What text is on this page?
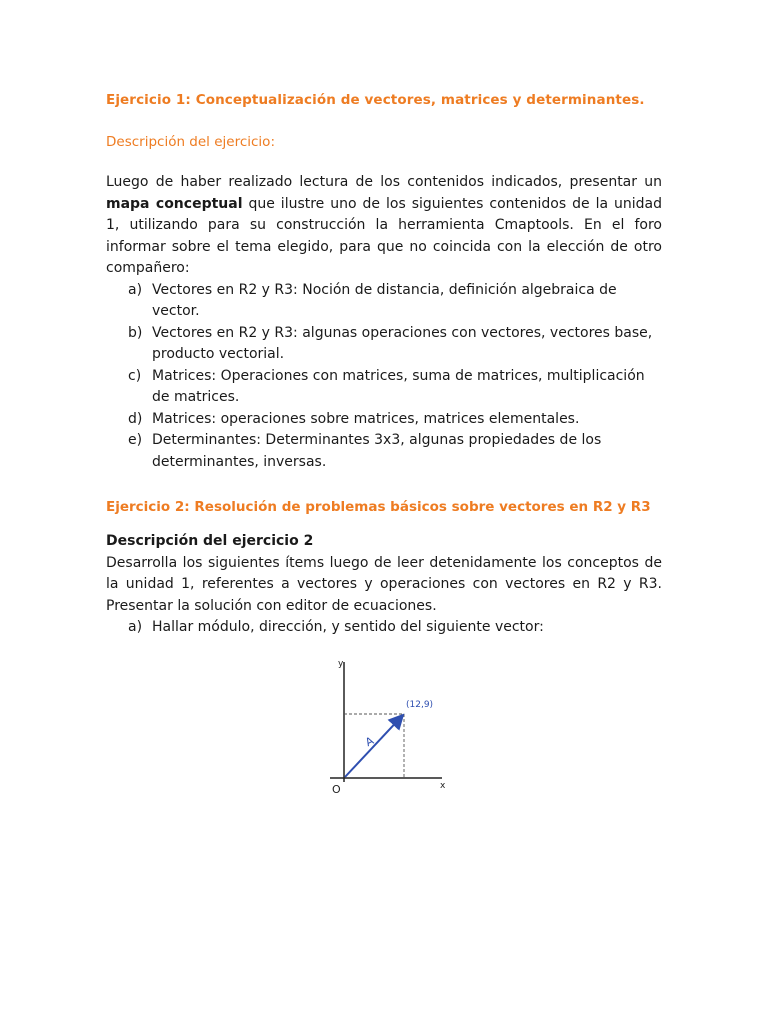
Ejercicio 1: Conceptualización de vectores, matrices y determinantes.

Descripción del ejercicio:

Luego de haber realizado lectura de los contenidos indicados, presentar un mapa conceptual que ilustre uno de los siguientes contenidos de la unidad 1, utilizando para su construcción la herramienta Cmaptools. En el foro informar sobre el tema elegido, para que no coincida con la elección de otro compañero:

a) Vectores en R2 y R3: Noción de distancia, definición algebraica de vector.
b) Vectores en R2 y R3: algunas operaciones con vectores, vectores base, producto vectorial.
c) Matrices: Operaciones con matrices, suma de matrices, multiplicación de matrices.
d) Matrices: operaciones sobre matrices, matrices elementales.
e) Determinantes: Determinantes 3x3, algunas propiedades de los determinantes, inversas.

Ejercicio 2: Resolución de problemas básicos sobre vectores en R2 y R3

Descripción del ejercicio 2

Desarrolla los siguientes ítems luego de leer detenidamente los conceptos de la unidad 1, referentes a vectores y operaciones con vectores en R2 y R3. Presentar la solución con editor de ecuaciones.

a) Hallar módulo, dirección, y sentido del siguiente vector:
y
x
O
(12,9)
A
